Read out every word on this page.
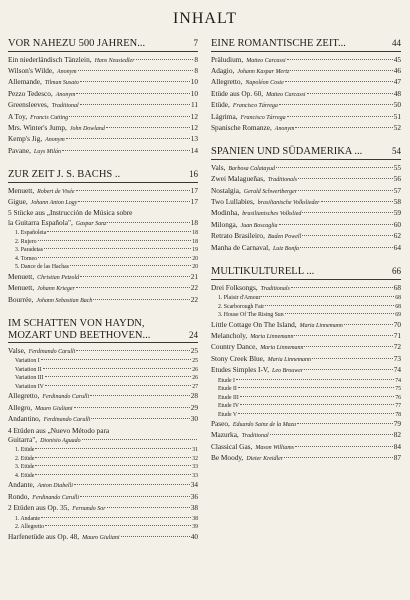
INHALT
VOR NAHEZU 500 JAHREN...	7
Ein niederländisch Tänzlein, Hans Neusiedler	8
Wilson's Wilde, Anonym	8
Allemande, Tilman Susato	10
Pezzo Tedesco, Anonym	10
Greensleeves, Traditional	11
A Toy, Francis Cutting	12
Mrs. Winter's Jump, John Dowland	12
Kemp's Jig, Anonym	13
Pavane, Luys Milán	14
ZUR ZEIT J. S. BACHS ..	16
Menuett, Robert de Visée	17
Gigue, Johann Anton Logy	17
5 Stücke aus „Instrucción de Música sobre
la Guitarra Española", Gaspar Sanz	18
1. Españoleta	18
2. Rujero	18
3. Paradetas	19
4. Torneo	20
5. Dance de las Hachas	20
Menuett, Christian Petzold	21
Menuett, Johann Krieger	22
Bourrée, Johann Sebastian Bach	22
IM SCHATTEN VON HAYDN, MOZART UND BEETHOVEN...	24
Valse, Ferdinando Carulli	25
Variation I	25
Variation II	26
Variation III	26
Variation IV	27
Allegretto, Ferdinando Carulli	28
Allegro, Mauro Giuliani	29
Andantino, Ferdinando Carulli	30
4 Etüden aus „Nuevo Método para
Guitarra", Dionisio Aguado
1. Etüde	31
2. Etüde	32
3. Etüde	33
4. Etüde	33
Andante, Anton Diabelli	34
Rondo, Ferdinando Carulli	36
2 Etüden aus Op. 35, Fernando Sor	38
1. Andante	38
2. Allegretto	39
Harfenetüde aus Op. 48, Mauro Giuliani	40
EINE ROMANTISCHE ZEIT...	44
Präludium, Matteo Carcassi	45
Adagio, Johann Kaspar Mertz	46
Allegretto, Napoléon Coste	47
Etüde aus Op. 60, Matteo Carcassi	48
Etüde, Francisco Tárrega	50
Lágrima, Francisco Tárrega	51
Spanische Romanze, Anonym	52
SPANIEN UND SÜDAMERIKA ...	54
Vals, Barbosa Calatayud	55
Zwei Malagueñas, Traditionals	56
Nostalgia, Gerald Schwertberger	57
Two Lullabies, brasilianische Volkslieder	58
Modinha, brasilianisches Volkslied	59
Milonga, Juan Boscaglia	60
Retrato Brasileiro, Baden Powell	62
Manha de Carnaval, Luiz Bonfa	64
MULTIKULTURELL ...	66
Drei Folksongs, Traditionals	68
1. Plaisir d'Amour	68
2. Scarborough Fair	68
3. House Of The Rising Sun	69
Little Cottage On The Island, Maria Linnemann	70
Melancholy, Maria Linnemann	71
Country Dance, Maria Linnemann	72
Stony Creek Blue, Maria Linnemann	73
Etudes Simples I-V, Leo Brouwer	74
Etude I	74
Etude II	75
Etude III	76
Etude IV	77
Etude V	78
Paseo, Eduardo Sainz de la Maza	79
Mazurka, Traditional	82
Classical Gas, Mason Williams	84
Be Moody, Dieter Kreidler	87
